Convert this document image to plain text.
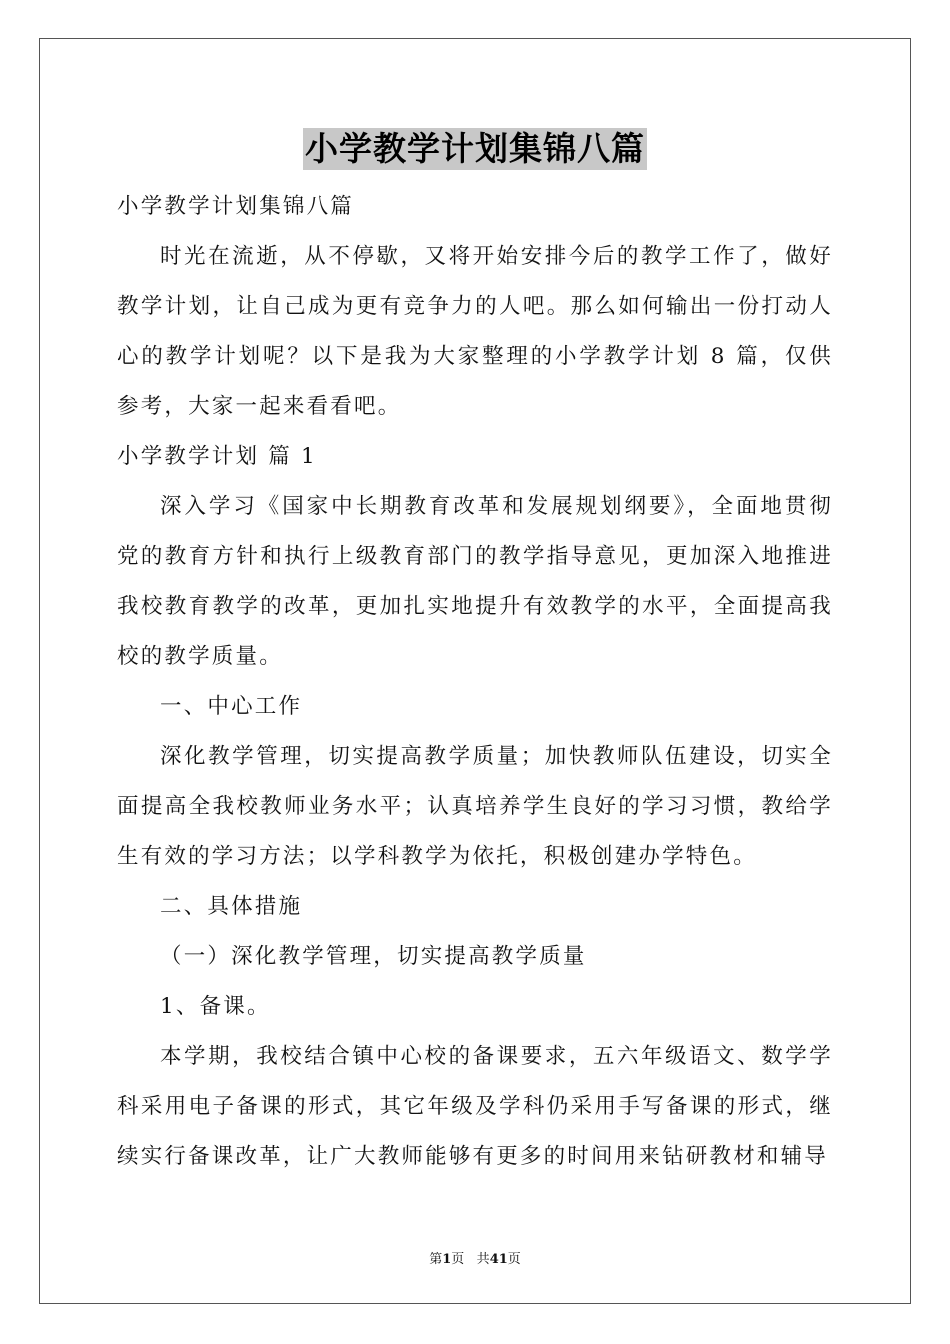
小学教学计划集锦八篇

小学教学计划集锦八篇

时光在流逝，从不停歇，又将开始安排今后的教学工作了，做好教学计划，让自己成为更有竞争力的人吧。那么如何输出一份打动人心的教学计划呢？以下是我为大家整理的小学教学计划 8 篇，仅供参考，大家一起来看看吧。

小学教学计划 篇 1

深入学习《国家中长期教育改革和发展规划纲要》，全面地贯彻党的教育方针和执行上级教育部门的教学指导意见，更加深入地推进我校教育教学的改革，更加扎实地提升有效教学的水平，全面提高我校的教学质量。

一、中心工作

深化教学管理，切实提高教学质量；加快教师队伍建设，切实全面提高全我校教师业务水平；认真培养学生良好的学习习惯，教给学生有效的学习方法；以学科教学为依托，积极创建办学特色。

二、具体措施

（一）深化教学管理，切实提高教学质量

1、备课。

本学期，我校结合镇中心校的备课要求，五六年级语文、数学学科采用电子备课的形式，其它年级及学科仍采用手写备课的形式，继续实行备课改革，让广大教师能够有更多的时间用来钻研教材和辅导

第1页 共41页
